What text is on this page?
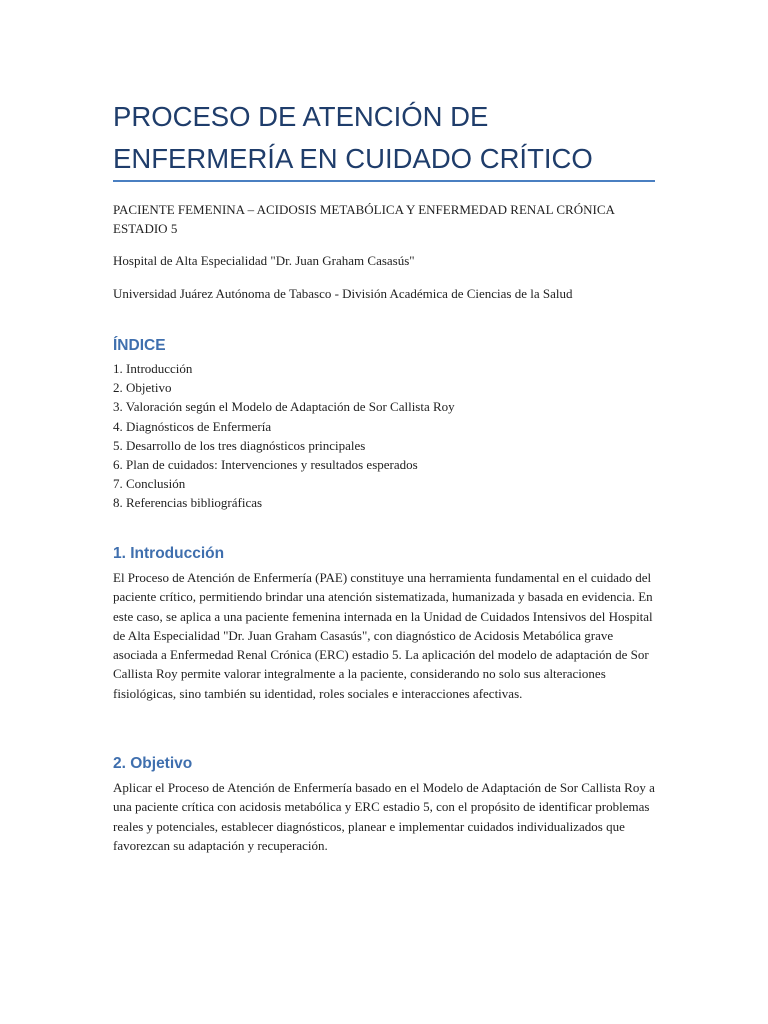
PROCESO DE ATENCIÓN DE ENFERMERÍA EN CUIDADO CRÍTICO

PACIENTE FEMENINA – ACIDOSIS METABÓLICA Y ENFERMEDAD RENAL CRÓNICA ESTADIO 5

Hospital de Alta Especialidad "Dr. Juan Graham Casasús"

Universidad Juárez Autónoma de Tabasco - División Académica de Ciencias de la Salud

ÍNDICE
1. Introducción
2. Objetivo
3. Valoración según el Modelo de Adaptación de Sor Callista Roy
4. Diagnósticos de Enfermería
5. Desarrollo de los tres diagnósticos principales
6. Plan de cuidados: Intervenciones y resultados esperados
7. Conclusión
8. Referencias bibliográficas
1. Introducción

El Proceso de Atención de Enfermería (PAE) constituye una herramienta fundamental en el cuidado del paciente crítico, permitiendo brindar una atención sistematizada, humanizada y basada en evidencia. En este caso, se aplica a una paciente femenina internada en la Unidad de Cuidados Intensivos del Hospital de Alta Especialidad "Dr. Juan Graham Casasús", con diagnóstico de Acidosis Metabólica grave asociada a Enfermedad Renal Crónica (ERC) estadio 5. La aplicación del modelo de adaptación de Sor Callista Roy permite valorar integralmente a la paciente, considerando no solo sus alteraciones fisiológicas, sino también su identidad, roles sociales e interacciones afectivas.

2. Objetivo

Aplicar el Proceso de Atención de Enfermería basado en el Modelo de Adaptación de Sor Callista Roy a una paciente crítica con acidosis metabólica y ERC estadio 5, con el propósito de identificar problemas reales y potenciales, establecer diagnósticos, planear e implementar cuidados individualizados que favorezcan su adaptación y recuperación.
